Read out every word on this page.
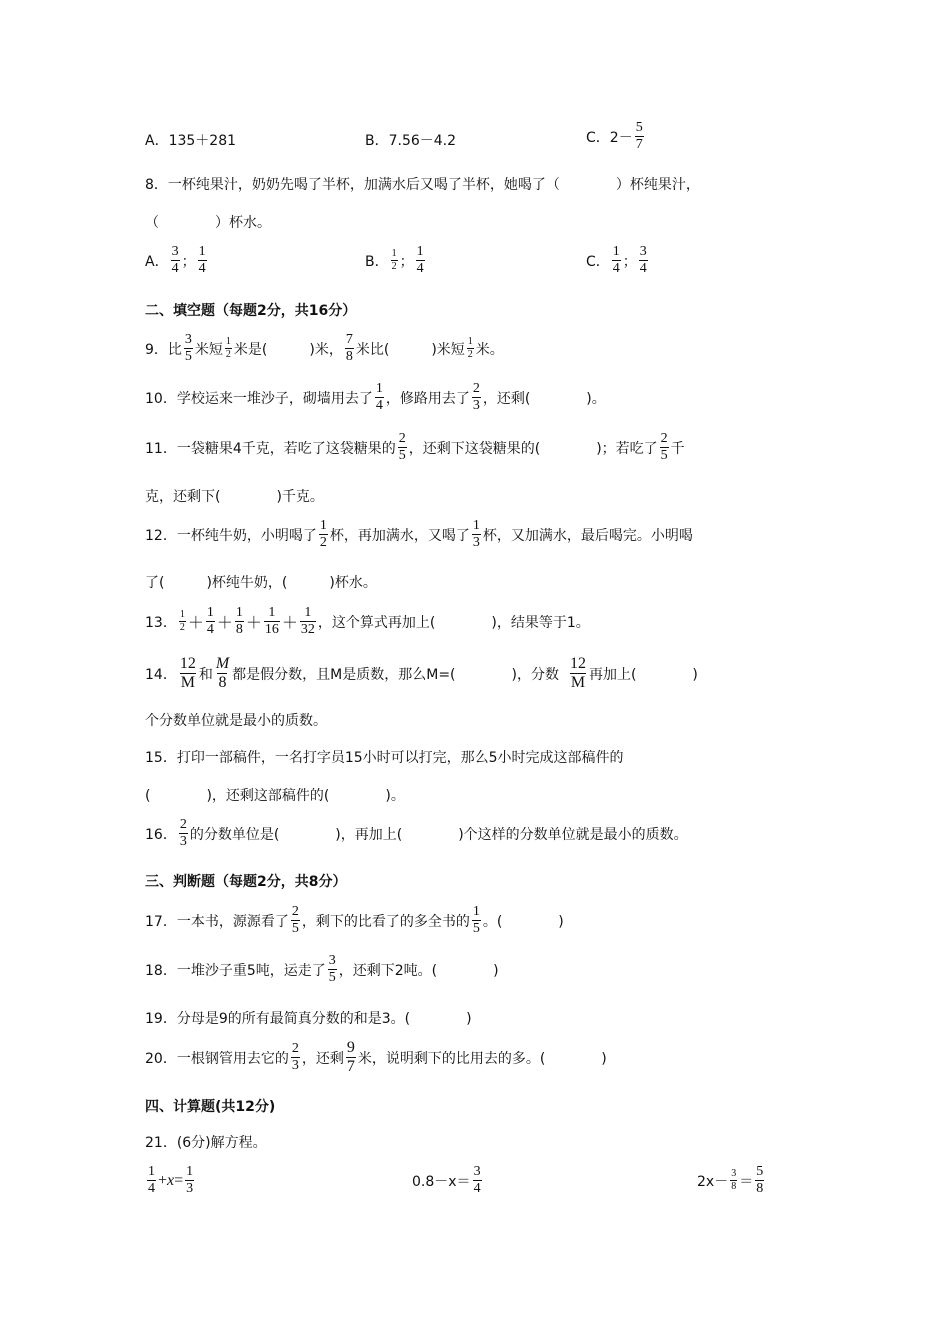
A．135＋281	B．7.56－4.2	C． $2- \frac{5}{7}$
8．一杯纯果汁，奶奶先喝了半杯，加满水后又喝了半杯，她喝了（　　　　）杯纯果汁，
（　　　　）杯水。
A． $\frac{3}{4}$ ； $\frac{1}{4}$	B． $\frac{1}{2}$ ； $\frac{1}{4}$	C． $\frac{1}{4}$ ； $\frac{3}{4}$
二、填空题（每题2分，共16分）
9．比 $\frac{3}{5}$ 米短 $\frac{1}{2}$ 米是(　　　)米， $\frac{7}{8}$ 米比(　　　)米短 $\frac{1}{2}$ 米。
10．学校运来一堆沙子，砌墙用去了 $\frac{1}{4}$ ，修路用去了 $\frac{2}{3}$ ，还剩(　　　　)。
11．一袋糖果4千克，若吃了这袋糖果的 $\frac{2}{5}$ ，还剩下这袋糖果的(　　　　)；若吃了 $\frac{2}{5}$ 千
克，还剩下(　　　　)千克。
12．一杯纯牛奶，小明喝了 $\frac{1}{2}$ 杯，再加满水，又喝了 $\frac{1}{3}$ 杯，又加满水，最后喝完。小明喝
了(　　　)杯纯牛奶，(　　　)杯水。
13． $\frac{1}{2} + \frac{1}{4} + \frac{1}{8} + \frac{1}{16} + \frac{1}{32}$ ，这个算式再加上(　　　　)，结果等于1。
14． $\frac{12}{M}$ 和 $\frac{M}{8}$ 都是假分数，且M是质数，那么M=(　　　　)，分数 $\frac{12}{M}$ 再加上(　　　　)
个分数单位就是最小的质数。
15．打印一部稿件，一名打字员15小时可以打完，那么5小时完成这部稿件的
(　　　　)，还剩这部稿件的(　　　　)。
16． $\frac{2}{3}$ 的分数单位是(　　　　)，再加上(　　　　)个这样的分数单位就是最小的质数。
三、判断题（每题2分，共8分）
17．一本书，源源看了 $\frac{2}{5}$ ，剩下的比看了的多全书的 $\frac{1}{5}$ 。(　　　　)
18．一堆沙子重5吨，运走了 $\frac{3}{5}$ ，还剩下2吨。(　　　　)
19．分母是9的所有最简真分数的和是3。(　　　　)
20．一根钢管用去它的 $\frac{2}{3}$ ，还剩 $\frac{9}{7}$ 米，说明剩下的比用去的多。(　　　　)
四、计算题(共12分)
21．(6分)解方程。
$\frac{1}{4} + x = \frac{1}{3}$	$0.8-x= \frac{3}{4}$	$2x- \frac{3}{8} = \frac{5}{8}$
